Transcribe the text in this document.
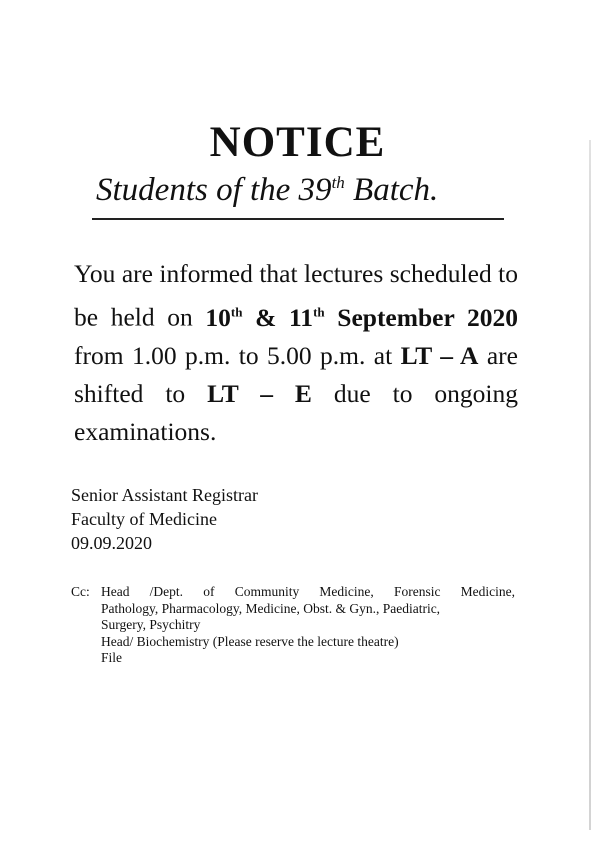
NOTICE
Students of the 39th Batch.
You are informed that lectures scheduled to be held on 10th & 11th September 2020 from 1.00 p.m. to 5.00 p.m. at LT – A are shifted to LT – E due to ongoing examinations.
Senior Assistant Registrar
Faculty of Medicine
09.09.2020
Cc: Head /Dept. of Community Medicine, Forensic Medicine,
Pathology, Pharmacology, Medicine, Obst. & Gyn., Paediatric,
Surgery, Psychitry
Head/ Biochemistry (Please reserve the lecture theatre)
File
